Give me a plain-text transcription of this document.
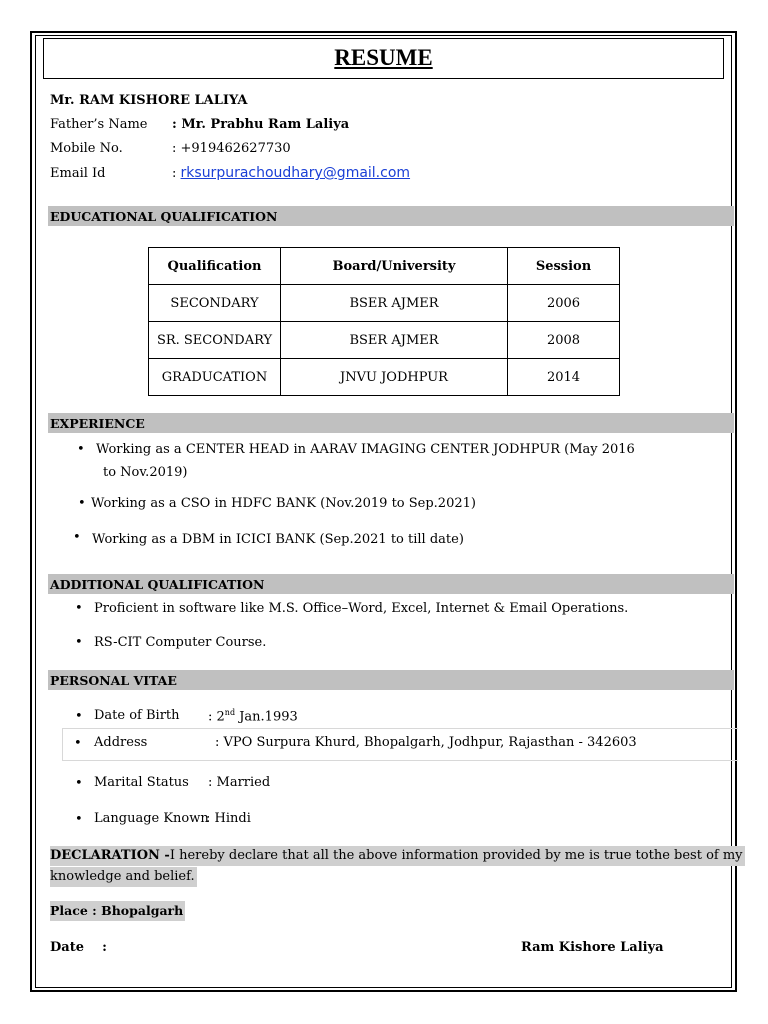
RESUME
Mr. RAM KISHORE LALIYA
Father’s Name : Mr. Prabhu Ram Laliya
Mobile No.	: +919462627730
Email Id	: rksurpurachoudhary@gmail.com
EDUCATIONAL QUALIFICATION
Qualification	Board/University	Session
SECONDARY	BSER AJMER	2006
SR. SECONDARY	BSER AJMER	2008
GRADUCATION	JNVU JODHPUR	2014
EXPERIENCE
• Working as a CENTER HEAD in AARAV IMAGING CENTER JODHPUR (May 2016
to Nov.2019)
• Working as a CSO in HDFC BANK (Nov.2019 to Sep.2021)
• Working as a DBM in ICICI BANK (Sep.2021 to till date)
ADDITIONAL QUALIFICATION
• Proficient in software like M.S. Office–Word, Excel, Internet & Email Operations.
• RS-CIT Computer Course.
PERSONAL VITAE
• Date of Birth : 2nd Jan.1993
• Address	: VPO Surpura Khurd, Bhopalgarh, Jodhpur, Rajasthan - 342603
• Marital Status : Married
• Language Known
: Hindi
DECLARATION -I hereby declare that all the above information provided by me is true tothe best of my
knowledge and belief.
Place : Bhopalgarh
Date    :	Ram Kishore Laliya
